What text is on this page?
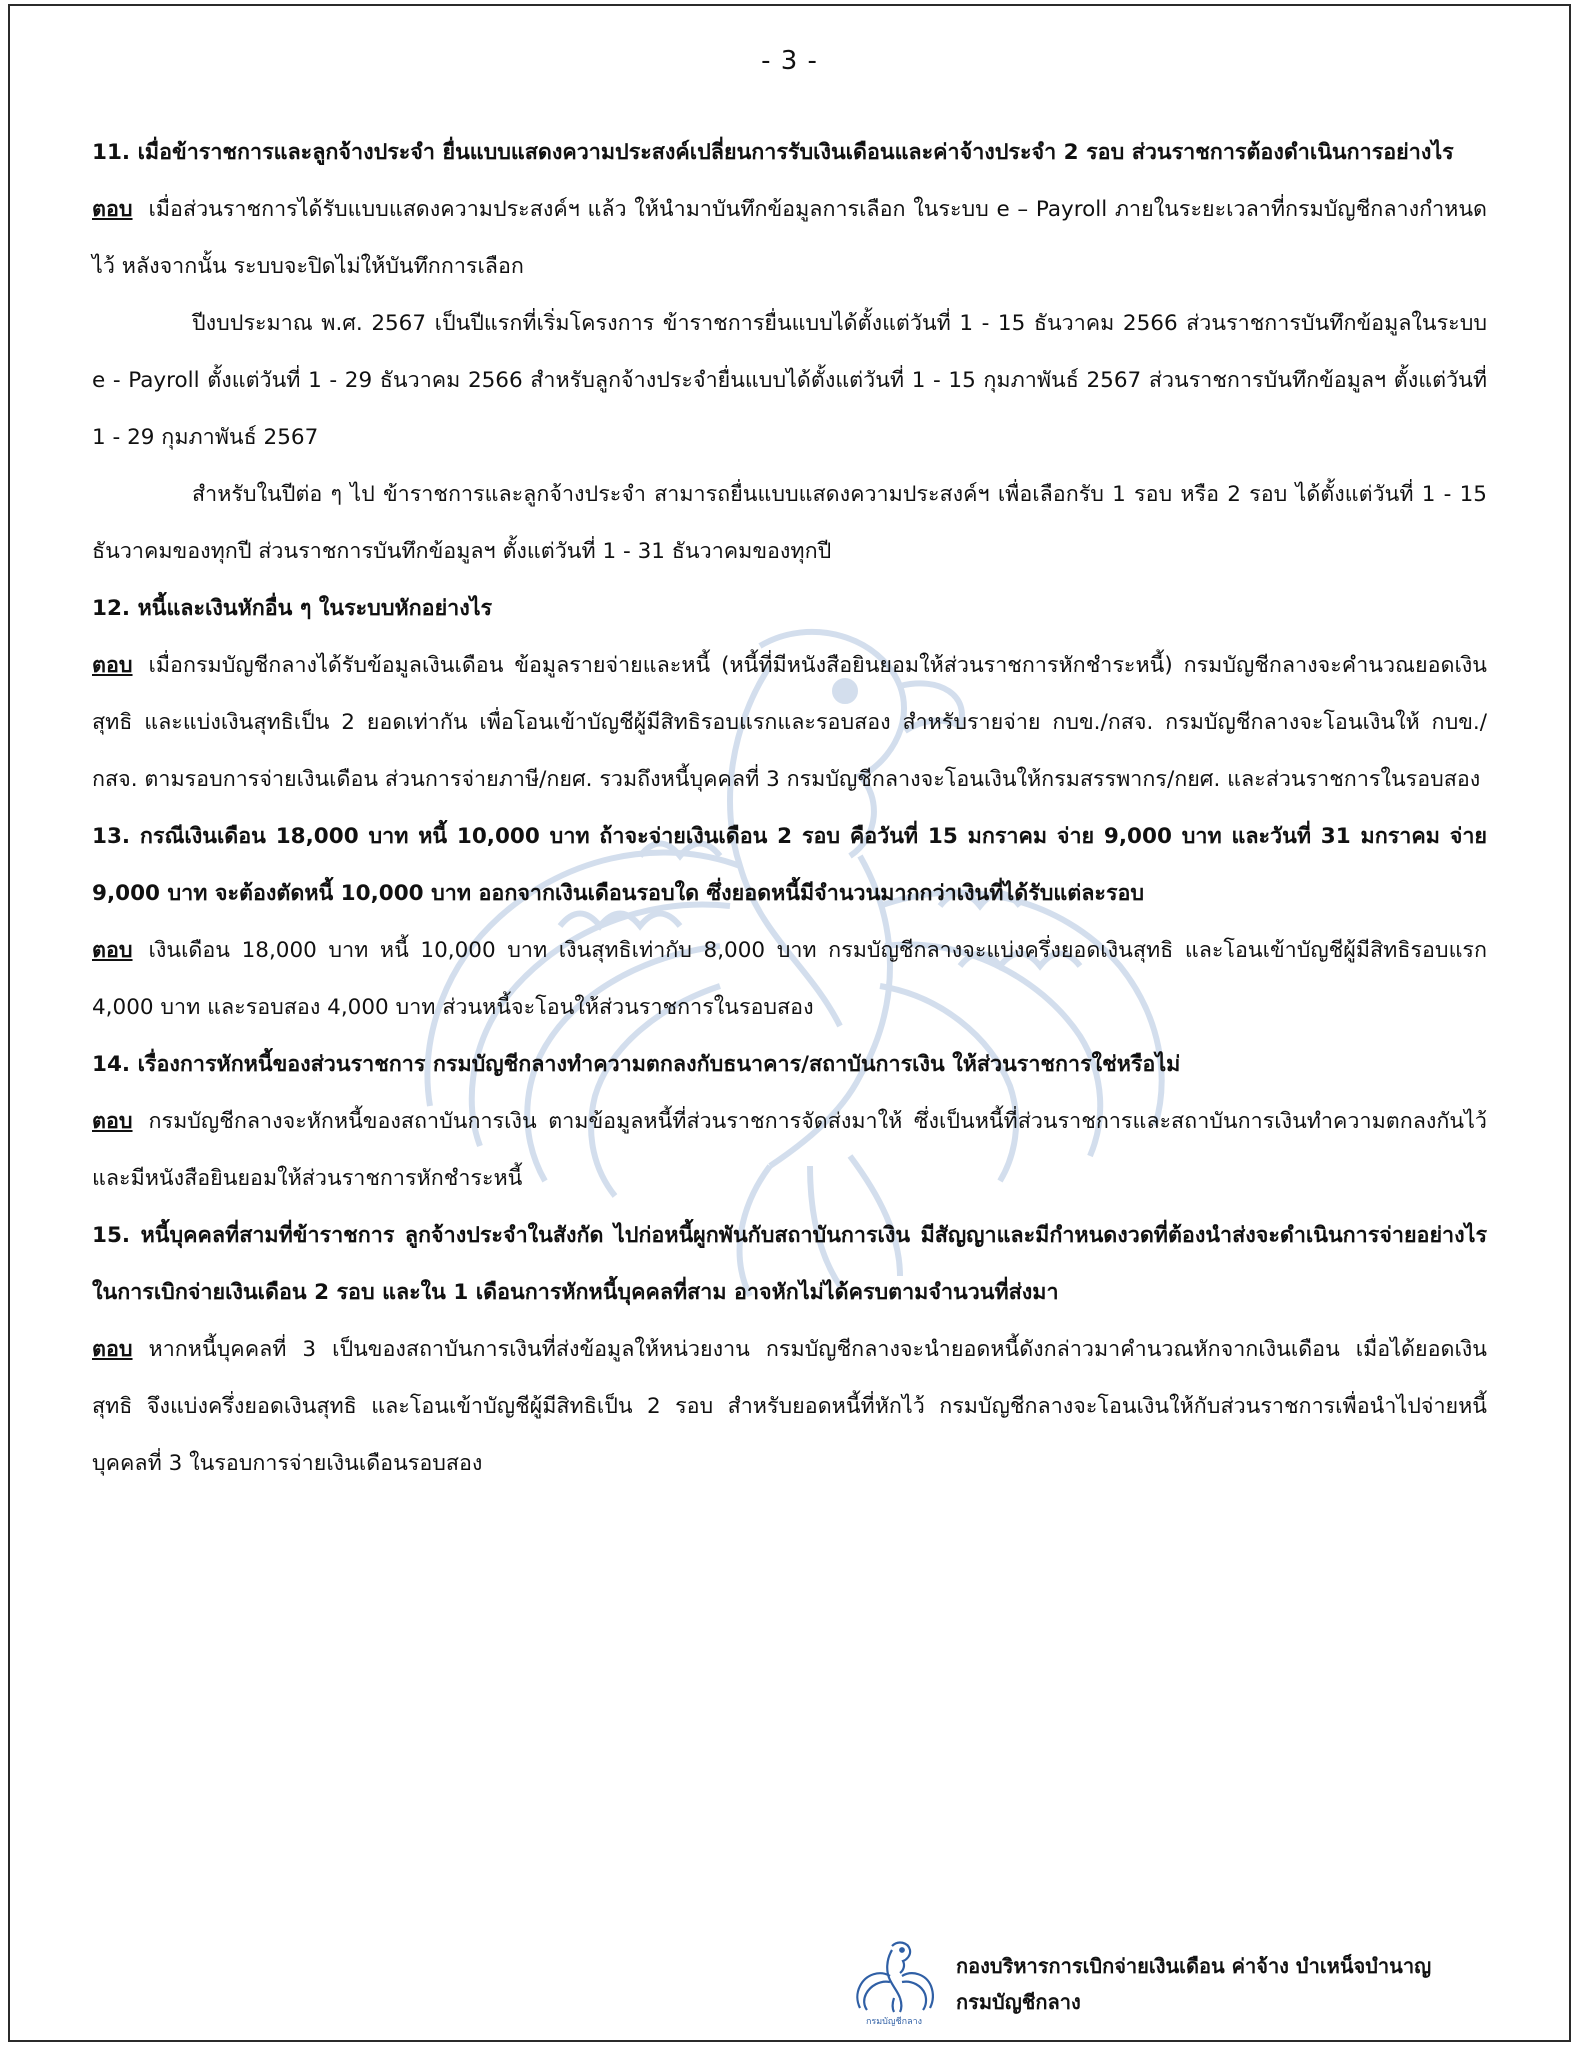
- 3 -

11. เมื่อข้าราชการและลูกจ้างประจำ ยื่นแบบแสดงความประสงค์เปลี่ยนการรับเงินเดือนและค่าจ้างประจำ 2 รอบ ส่วนราชการต้องดำเนินการอย่างไร

ตอบ เมื่อส่วนราชการได้รับแบบแสดงความประสงค์ฯ แล้ว ให้นำมาบันทึกข้อมูลการเลือก ในระบบ e – Payroll ภายในระยะเวลาที่กรมบัญชีกลางกำหนดไว้ หลังจากนั้น ระบบจะปิดไม่ให้บันทึกการเลือก

ปีงบประมาณ พ.ศ. 2567 เป็นปีแรกที่เริ่มโครงการ ข้าราชการยื่นแบบได้ตั้งแต่วันที่ 1 - 15 ธันวาคม 2566 ส่วนราชการบันทึกข้อมูลในระบบ e - Payroll ตั้งแต่วันที่ 1 - 29 ธันวาคม 2566 สำหรับลูกจ้างประจำยื่นแบบได้ตั้งแต่วันที่ 1 - 15 กุมภาพันธ์ 2567 ส่วนราชการบันทึกข้อมูลฯ ตั้งแต่วันที่ 1 - 29 กุมภาพันธ์ 2567

สำหรับในปีต่อ ๆ ไป ข้าราชการและลูกจ้างประจำ สามารถยื่นแบบแสดงความประสงค์ฯ เพื่อเลือกรับ 1 รอบ หรือ 2 รอบ ได้ตั้งแต่วันที่ 1 - 15 ธันวาคมของทุกปี ส่วนราชการบันทึกข้อมูลฯ ตั้งแต่วันที่ 1 - 31 ธันวาคมของทุกปี

12. หนี้และเงินหักอื่น ๆ ในระบบหักอย่างไร

ตอบ เมื่อกรมบัญชีกลางได้รับข้อมูลเงินเดือน ข้อมูลรายจ่ายและหนี้ (หนี้ที่มีหนังสือยินยอมให้ส่วนราชการหักชำระหนี้) กรมบัญชีกลางจะคำนวณยอดเงินสุทธิ และแบ่งเงินสุทธิเป็น 2 ยอดเท่ากัน เพื่อโอนเข้าบัญชีผู้มีสิทธิรอบแรกและรอบสอง สำหรับรายจ่าย กบข./กสจ. กรมบัญชีกลางจะโอนเงินให้ กบข./กสจ. ตามรอบการจ่ายเงินเดือน ส่วนการจ่ายภาษี/กยศ. รวมถึงหนี้บุคคลที่ 3 กรมบัญชีกลางจะโอนเงินให้กรมสรรพากร/กยศ. และส่วนราชการในรอบสอง

13. กรณีเงินเดือน 18,000 บาท หนี้ 10,000 บาท ถ้าจะจ่ายเงินเดือน 2 รอบ คือวันที่ 15 มกราคม จ่าย 9,000 บาท และวันที่ 31 มกราคม จ่าย 9,000 บาท จะต้องตัดหนี้ 10,000 บาท ออกจากเงินเดือนรอบใด ซึ่งยอดหนี้มีจำนวนมากกว่าเงินที่ได้รับแต่ละรอบ

ตอบ เงินเดือน 18,000 บาท หนี้ 10,000 บาท เงินสุทธิเท่ากับ 8,000 บาท กรมบัญชีกลางจะแบ่งครึ่งยอดเงินสุทธิ และโอนเข้าบัญชีผู้มีสิทธิรอบแรก 4,000 บาท และรอบสอง 4,000 บาท ส่วนหนี้จะโอนให้ส่วนราชการในรอบสอง

14. เรื่องการหักหนี้ของส่วนราชการ กรมบัญชีกลางทำความตกลงกับธนาคาร/สถาบันการเงิน ให้ส่วนราชการใช่หรือไม่

ตอบ กรมบัญชีกลางจะหักหนี้ของสถาบันการเงิน ตามข้อมูลหนี้ที่ส่วนราชการจัดส่งมาให้ ซึ่งเป็นหนี้ที่ส่วนราชการและสถาบันการเงินทำความตกลงกันไว้ และมีหนังสือยินยอมให้ส่วนราชการหักชำระหนี้

15. หนี้บุคคลที่สามที่ข้าราชการ ลูกจ้างประจำในสังกัด ไปก่อหนี้ผูกพันกับสถาบันการเงิน มีสัญญาและมีกำหนดงวดที่ต้องนำส่งจะดำเนินการจ่ายอย่างไร ในการเบิกจ่ายเงินเดือน 2 รอบ และใน 1 เดือนการหักหนี้บุคคลที่สาม อาจหักไม่ได้ครบตามจำนวนที่ส่งมา

ตอบ หากหนี้บุคคลที่ 3 เป็นของสถาบันการเงินที่ส่งข้อมูลให้หน่วยงาน กรมบัญชีกลางจะนำยอดหนี้ดังกล่าวมาคำนวณหักจากเงินเดือน เมื่อได้ยอดเงินสุทธิ จึงแบ่งครึ่งยอดเงินสุทธิ และโอนเข้าบัญชีผู้มีสิทธิเป็น 2 รอบ สำหรับยอดหนี้ที่หักไว้ กรมบัญชีกลางจะโอนเงินให้กับส่วนราชการเพื่อนำไปจ่ายหนี้บุคคลที่ 3 ในรอบการจ่ายเงินเดือนรอบสอง

กรมบัญชีกลาง
กองบริหารการเบิกจ่ายเงินเดือน ค่าจ้าง บำเหน็จบำนาญ
กรมบัญชีกลาง
